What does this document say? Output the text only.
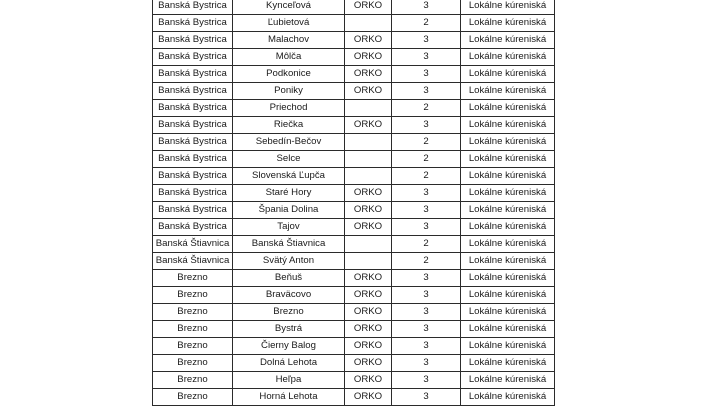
Banská Bystrica	Kynceľová	ORKO	3	Lokálne kúreniská
Banská Bystrica	Ľubietová		2	Lokálne kúreniská
Banská Bystrica	Malachov	ORKO	3	Lokálne kúreniská
Banská Bystrica	Môlča	ORKO	3	Lokálne kúreniská
Banská Bystrica	Podkonice	ORKO	3	Lokálne kúreniská
Banská Bystrica	Poniky	ORKO	3	Lokálne kúreniská
Banská Bystrica	Priechod		2	Lokálne kúreniská
Banská Bystrica	Riečka	ORKO	3	Lokálne kúreniská
Banská Bystrica	Sebedín-Bečov		2	Lokálne kúreniská
Banská Bystrica	Selce		2	Lokálne kúreniská
Banská Bystrica	Slovenská Ľupča		2	Lokálne kúreniská
Banská Bystrica	Staré Hory	ORKO	3	Lokálne kúreniská
Banská Bystrica	Špania Dolina	ORKO	3	Lokálne kúreniská
Banská Bystrica	Tajov	ORKO	3	Lokálne kúreniská
Banská Štiavnica	Banská Štiavnica		2	Lokálne kúreniská
Banská Štiavnica	Svätý Anton		2	Lokálne kúreniská
Brezno	Beňuš	ORKO	3	Lokálne kúreniská
Brezno	Braväcovo	ORKO	3	Lokálne kúreniská
Brezno	Brezno	ORKO	3	Lokálne kúreniská
Brezno	Bystrá	ORKO	3	Lokálne kúreniská
Brezno	Čierny Balog	ORKO	3	Lokálne kúreniská
Brezno	Dolná Lehota	ORKO	3	Lokálne kúreniská
Brezno	Heľpa	ORKO	3	Lokálne kúreniská
Brezno	Horná Lehota	ORKO	3	Lokálne kúreniská
